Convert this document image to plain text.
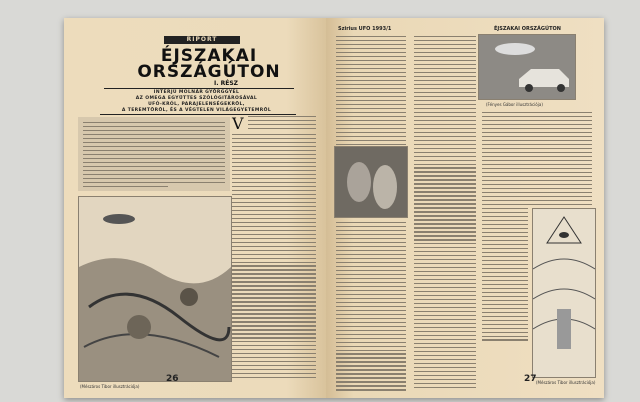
RIPORT
ÉJSZAKAI
ORSZÁGÚTON
I. RÉSZ
INTERJÚ MOLNÁR GYÖRGGYEL
AZ OMEGA EGYÜTTES SZÓLÓGITÁROSÁVAL
UFÓ-KRÓL, PARAJELENSÉGEKRŐL,
A TEREMTŐRŐL, ÉS A VÉGTELEN VILÁGEGYETEMRŐL
(Mészáros Tibor illusztrációja)
26
V
Szirius UFO 1993/1	ÉJSZAKAI ORSZÁGÚTON
(Fényes Gábor illusztrációja)
(Mészáros Tibor illusztrációja)
27
